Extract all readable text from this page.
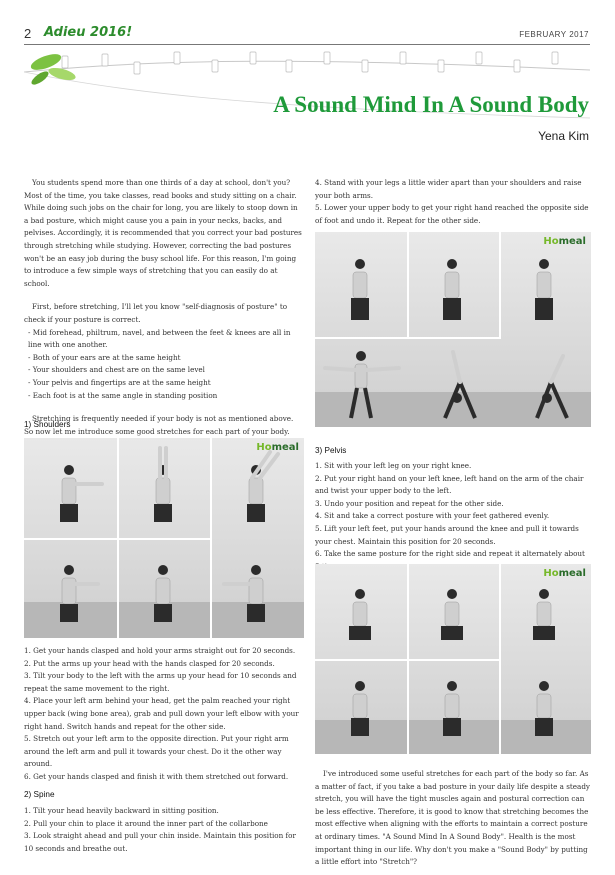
2 Adieu 2016!	FEBRUARY 2017
A Sound Mind In A Sound Body
Yena Kim

You students spend more than one thirds of a day at school, don't you? Most of the time, you take classes, read books and study sitting on a chair. While doing such jobs on the chair for long, you are likely to stoop down in a bad posture, which might cause you a pain in your necks, backs, and pelvises. Accordingly, it is recommended that you correct your bad postures through stretching while studying. However, correcting the bad postures won't be an easy job during the busy school life. For this reason, I'm going to introduce a few simple ways of stretching that you can easily do at school.

First, before stretching, I'll let you know "self-diagnosis of posture" to check if your posture is correct.

- Mid forehead, philtrum, navel, and between the feet & knees are all in line with one another.

- Both of your ears are at the same height

- Your shoulders and chest are on the same level

- Your pelvis and fingertips are at the same height

- Each foot is at the same angle in standing position

Stretching is frequently needed if your body is not as mentioned above. So now let me introduce some good stretches for each part of your body.

1) Shoulders
Homeal

1. Get your hands clasped and hold your arms straight out for 20 seconds.

2. Put the arms up your head with the hands clasped for 20 seconds.

3. Tilt your body to the left with the arms up your head for 10 seconds and repeat the same movement to the right.

4. Place your left arm behind your head, get the palm reached your right upper back (wing bone area), grab and pull down your left elbow with your right hand. Switch hands and repeat for the other side.

5. Stretch out your left arm to the opposite direction. Put your right arm around the left arm and pull it towards your chest. Do it the other way around.

6. Get your hands clasped and finish it with them stretched out forward.

2) Spine

1. Tilt your head heavily backward in sitting position.

2. Pull your chin to place it around the inner part of the collarbone

3. Look straight ahead and pull your chin inside. Maintain this position for 10 seconds and breathe out.

4. Stand with your legs a little wider apart than your shoulders and raise your both arms.

5. Lower your upper body to get your right hand reached the opposite side of foot and undo it. Repeat for the other side.

Homeal
3) Pelvis

1. Sit with your left leg on your right knee.

2. Put your right hand on your left knee, left hand on the arm of the chair and twist your upper body to the left.

3. Undo your position and repeat for the other side.

4. Sit and take a correct posture with your feet gathered evenly.

5. Lift your left feet, put your hands around the knee and pull it towards your chest. Maintain this position for 20 seconds.

6. Take the same posture for the right side and repeat it alternately about

Homeal

I've introduced some useful stretches for each part of the body so far. As a matter of fact, if you take a bad posture in your daily life despite a steady stretch, you will have the tight muscles again and postural correction can be less effective. Therefore, it is good to know that stretching becomes the most effective when aligning with the efforts to maintain a correct posture at ordinary times. "A Sound Mind In A Sound Body". Health is the most important thing in our life. Why don't you make a "Sound Body" by putting a little effort into "Stretch"?
